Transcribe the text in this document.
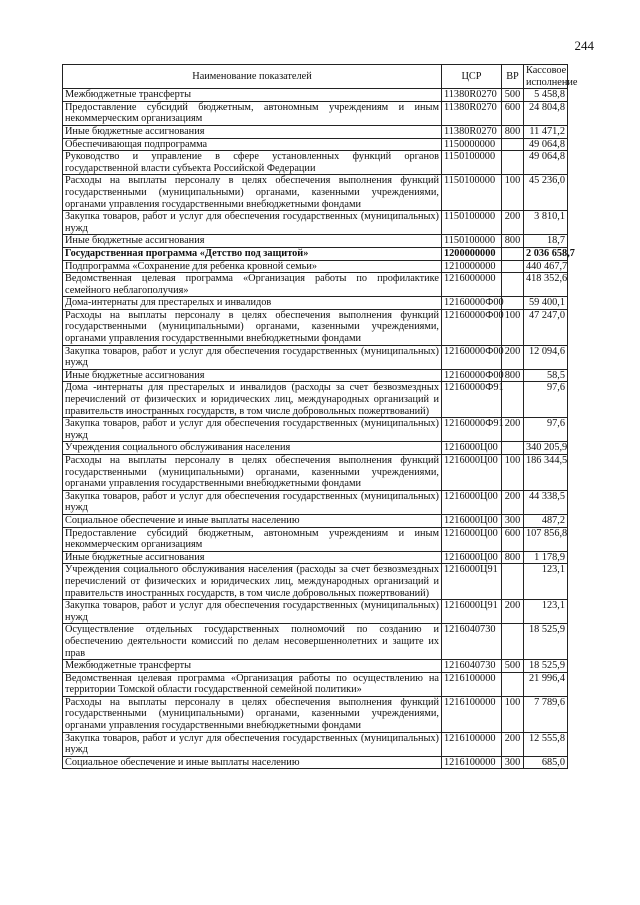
244
Наименование показателей	ЦСР	ВР	Кассовое исполнение
Межбюджетные трансферты	11380R0270	500	5 458,8
Предоставление субсидий бюджетным, автономным учреждениям и иным некоммерческим организациям	11380R0270	600	24 804,8
Иные бюджетные ассигнования	11380R0270	800	11 471,2
Обеспечивающая подпрограмма	1150000000		49 064,8
Руководство и управление в сфере установленных функций органов государственной власти субъекта Российской Федерации	1150100000		49 064,8
Расходы на выплаты персоналу в целях обеспечения выполнения функций государственными (муниципальными) органами, казенными учреждениями, органами управления государственными внебюджетными фондами	1150100000	100	45 236,0
Закупка товаров, работ и услуг для обеспечения государственных (муниципальных) нужд	1150100000	200	3 810,1
Иные бюджетные ассигнования	1150100000	800	18,7
Государственная программа «Детство под защитой»	1200000000		2 036 658,7
Подпрограмма «Сохранение для ребенка кровной семьи»	1210000000		440 467,7
Ведомственная целевая программа «Организация работы по профилактике семейного неблагополучия»	1216000000		418 352,6
Дома-интернаты для престарелых и инвалидов	12160000Ф00		59 400,1
Расходы на выплаты персоналу в целях обеспечения выполнения функций государственными (муниципальными) органами, казенными учреждениями, органами управления государственными внебюджетными фондами	12160000Ф00	100	47 247,0
Закупка товаров, работ и услуг для обеспечения государственных (муниципальных) нужд	12160000Ф00	200	12 094,6
Иные бюджетные ассигнования	12160000Ф00	800	58,5
Дома -интернаты для престарелых и инвалидов (расходы за счет безвозмездных перечислений от физических и юридических лиц, международных организаций и правительств иностранных государств, в том числе добровольных пожертвований)	12160000Ф91		97,6
Закупка товаров, работ и услуг для обеспечения государственных (муниципальных) нужд	12160000Ф91	200	97,6
Учреждения социального обслуживания населения	1216000Ц00		340 205,9
Расходы на выплаты персоналу в целях обеспечения выполнения функций государственными (муниципальными) органами, казенными учреждениями, органами управления государственными внебюджетными фондами	1216000Ц00	100	186 344,5
Закупка товаров, работ и услуг для обеспечения государственных (муниципальных) нужд	1216000Ц00	200	44 338,5
Социальное обеспечение и иные выплаты населению	1216000Ц00	300	487,2
Предоставление субсидий бюджетным, автономным учреждениям и иным некоммерческим организациям	1216000Ц00	600	107 856,8
Иные бюджетные ассигнования	1216000Ц00	800	1 178,9
Учреждения социального обслуживания населения (расходы за счет безвозмездных перечислений от физических и юридических лиц, международных организаций и правительств иностранных государств, в том числе добровольных пожертвований)	1216000Ц91		123,1
Закупка товаров, работ и услуг для обеспечения государственных (муниципальных) нужд	1216000Ц91	200	123,1
Осуществление отдельных государственных полномочий по созданию и обеспечению деятельности комиссий по делам несовершеннолетних и защите их прав	1216040730		18 525,9
Межбюджетные трансферты	1216040730	500	18 525,9
Ведомственная целевая программа «Организация работы по осуществлению на территории Томской области государственной семейной политики»	1216100000		21 996,4
Расходы на выплаты персоналу в целях обеспечения выполнения функций государственными (муниципальными) органами, казенными учреждениями, органами управления государственными внебюджетными фондами	1216100000	100	7 789,6
Закупка товаров, работ и услуг для обеспечения государственных (муниципальных) нужд	1216100000	200	12 555,8
Социальное обеспечение и иные выплаты населению	1216100000	300	685,0
